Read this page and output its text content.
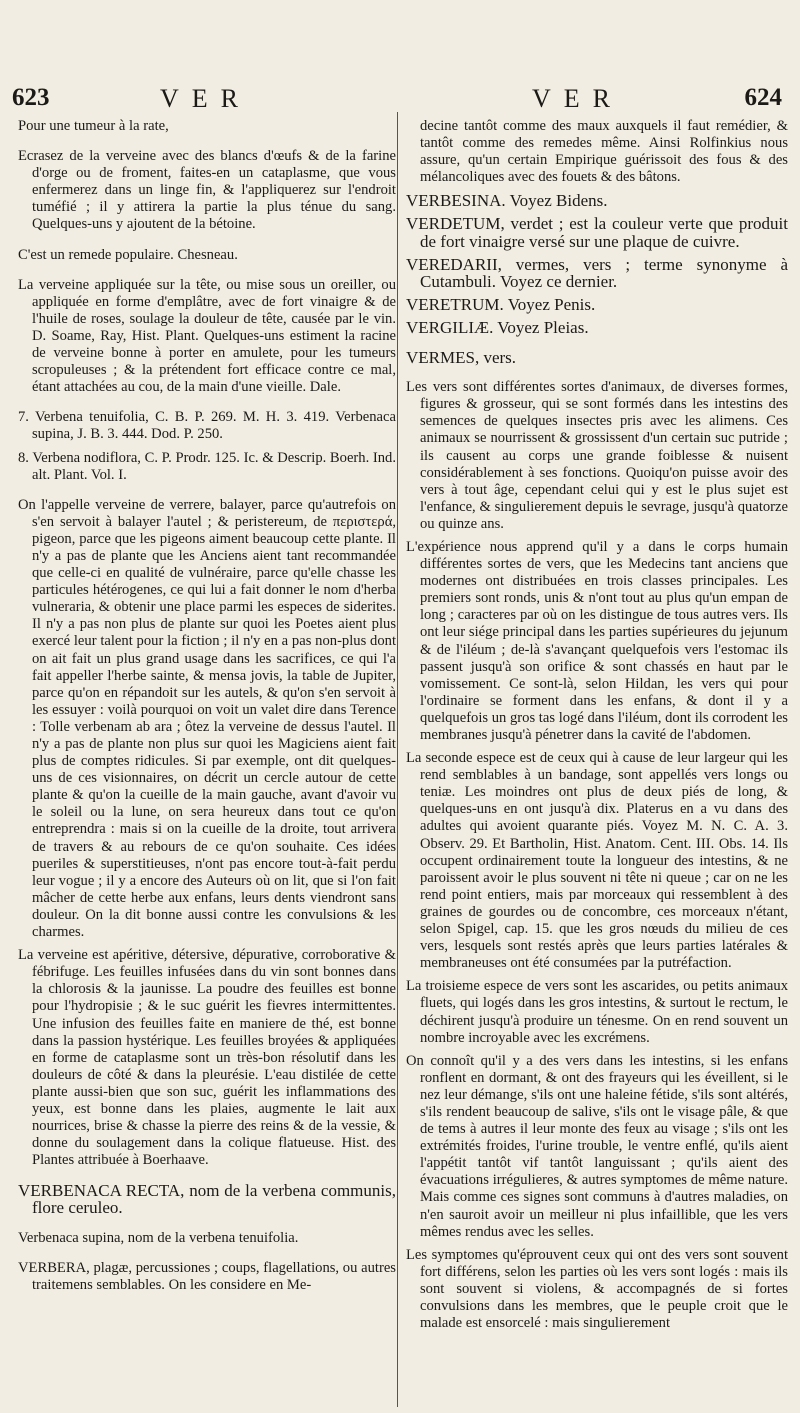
623	VER	VER	624

Pour une tumeur à la rate,

Ecrasez de la verveine avec des blancs d'œufs & de la farine d'orge ou de froment, faites-en un cataplasme, que vous enfermerez dans un linge fin, & l'appliquerez sur l'endroit tuméfié ; il y attirera la partie la plus ténue du sang. Quelques-uns y ajoutent de la bétoine.

C'est un remede populaire. Chesneau.

La verveine appliquée sur la tête, ou mise sous un oreiller, ou appliquée en forme d'emplâtre, avec de fort vinaigre & de l'huile de roses, soulage la douleur de tête, causée par le vin. D. Soame, Ray, Hist. Plant. Quelques-uns estiment la racine de verveine bonne à porter en amulete, pour les tumeurs scropuleuses ; & la prétendent fort efficace contre ce mal, étant attachées au cou, de la main d'une vieille. Dale.

7. Verbena tenuifolia, C. B. P. 269. M. H. 3. 419. Verbenaca supina, J. B. 3. 444. Dod. P. 250.

8. Verbena nodiflora, C. P. Prodr. 125. Ic. & Descrip. Boerh. Ind. alt. Plant. Vol. I.

On l'appelle verveine de verrere, balayer, parce qu'autrefois on s'en servoit à balayer l'autel ; & peristereum, de περιστερά, pigeon, parce que les pigeons aiment beaucoup cette plante. Il n'y a pas de plante que les Anciens aient tant recommandée que celle-ci en qualité de vulnéraire, parce qu'elle chasse les particules hétérogenes, ce qui lui a fait donner le nom d'herba vulneraria, & obtenir une place parmi les especes de siderites. Il n'y a pas non plus de plante sur quoi les Poetes aient plus exercé leur talent pour la fiction ; il n'y en a pas non-plus dont on ait fait un plus grand usage dans les sacrifices, ce qui l'a fait appeller l'herbe sainte, & mensa jovis, la table de Jupiter, parce qu'on en répandoit sur les autels, & qu'on s'en servoit à les essuyer : voilà pourquoi on voit un valet dire dans Terence : Tolle verbenam ab ara ; ôtez la verveine de dessus l'autel. Il n'y a pas de plante non plus sur quoi les Magiciens aient fait plus de comptes ridicules. Si par exemple, ont dit quelques-uns de ces visionnaires, on décrit un cercle autour de cette plante & qu'on la cueille de la main gauche, avant d'avoir vu le soleil ou la lune, on sera heureux dans tout ce qu'on entreprendra : mais si on la cueille de la droite, tout arrivera de travers & au rebours de ce qu'on souhaite. Ces idées pueriles & superstitieuses, n'ont pas encore tout-à-fait perdu leur vogue ; il y a encore des Auteurs où on lit, que si l'on fait mâcher de cette herbe aux enfans, leurs dents viendront sans douleur. On la dit bonne aussi contre les convulsions & les charmes.

La verveine est apéritive, détersive, dépurative, corroborative & fébrifuge. Les feuilles infusées dans du vin sont bonnes dans la chlorosis & la jaunisse. La poudre des feuilles est bonne pour l'hydropisie ; & le suc guérit les fievres intermittentes. Une infusion des feuilles faite en maniere de thé, est bonne dans la passion hystérique. Les feuilles broyées & appliquées en forme de cataplasme sont un très-bon résolutif dans les douleurs de côté & dans la pleurésie. L'eau distilée de cette plante aussi-bien que son suc, guérit les inflammations des yeux, est bonne dans les plaies, augmente le lait aux nourrices, brise & chasse la pierre des reins & de la vessie, & donne du soulagement dans la colique flatueuse. Hist. des Plantes attribuée à Boerhaave.

VERBENACA RECTA, nom de la verbena communis, flore ceruleo.

Verbenaca supina, nom de la verbena tenuifolia.

VERBERA, plagæ, percussiones ; coups, flagellations, ou autres traitemens semblables. On les considere en Me-

decine tantôt comme des maux auxquels il faut remédier, & tantôt comme des remedes même. Ainsi Rolfinkius nous assure, qu'un certain Empirique guérissoit des fous & des mélancoliques avec des fouets & des bâtons.

VERBESINA. Voyez Bidens.

VERDETUM, verdet ; est la couleur verte que produit de fort vinaigre versé sur une plaque de cuivre.

VEREDARII, vermes, vers ; terme synonyme à Cutambuli. Voyez ce dernier.

VERETRUM. Voyez Penis.

VERGILIÆ. Voyez Pleias.

VERMES, vers.

Les vers sont différentes sortes d'animaux, de diverses formes, figures & grosseur, qui se sont formés dans les intestins des semences de quelques insectes pris avec les alimens. Ces animaux se nourrissent & grossissent d'un certain suc putride ; ils causent au corps une grande foiblesse & nuisent considérablement à ses fonctions. Quoiqu'on puisse avoir des vers à tout âge, cependant celui qui y est le plus sujet est l'enfance, & singulierement depuis le sevrage, jusqu'à quatorze ou quinze ans.

L'expérience nous apprend qu'il y a dans le corps humain différentes sortes de vers, que les Medecins tant anciens que modernes ont distribuées en trois classes principales. Les premiers sont ronds, unis & n'ont tout au plus qu'un empan de long ; caracteres par où on les distingue de tous autres vers. Ils ont leur siége principal dans les parties supérieures du jejunum & de l'iléum ; de-là s'avançant quelquefois vers l'estomac ils passent jusqu'à son orifice & sont chassés en haut par le vomissement. Ce sont-là, selon Hildan, les vers qui pour l'ordinaire se forment dans les enfans, & dont il y a quelquefois un gros tas logé dans l'iléum, dont ils corrodent les membranes jusqu'à pénetrer dans la cavité de l'abdomen.

La seconde espece est de ceux qui à cause de leur largeur qui les rend semblables à un bandage, sont appellés vers longs ou teniæ. Les moindres ont plus de deux piés de long, & quelques-uns en ont jusqu'à dix. Platerus en a vu dans des adultes qui avoient quarante piés. Voyez M. N. C. A. 3. Observ. 29. Et Bartholin, Hist. Anatom. Cent. III. Obs. 14. Ils occupent ordinairement toute la longueur des intestins, & ne paroissent avoir le plus souvent ni tête ni queue ; car on ne les rend point entiers, mais par morceaux qui ressemblent à des graines de gourdes ou de concombre, ces morceaux n'étant, selon Spigel, cap. 15. que les gros nœuds du milieu de ces vers, lesquels sont restés après que leurs parties latérales & membraneuses ont été consumées par la putréfaction.

La troisieme espece de vers sont les ascarides, ou petits animaux fluets, qui logés dans les gros intestins, & surtout le rectum, le déchirent jusqu'à produire un ténesme. On en rend souvent un nombre incroyable avec les excrémens.

On connoît qu'il y a des vers dans les intestins, si les enfans ronflent en dormant, & ont des frayeurs qui les éveillent, si le nez leur démange, s'ils ont une haleine fétide, s'ils sont altérés, s'ils rendent beaucoup de salive, s'ils ont le visage pâle, & que de tems à autres il leur monte des feux au visage ; s'ils ont les extrémités froides, l'urine trouble, le ventre enflé, qu'ils aient l'appétit tantôt vif tantôt languissant ; qu'ils aient des évacuations irrégulieres, & autres symptomes de même nature. Mais comme ces signes sont communs à d'autres maladies, on n'en sauroit avoir un meilleur ni plus infaillible, que les vers mêmes rendus avec les selles.

Les symptomes qu'éprouvent ceux qui ont des vers sont souvent fort différens, selon les parties où les vers sont logés : mais ils sont souvent si violens, & accompagnés de si fortes convulsions dans les membres, que le peuple croit que le malade est ensorcelé : mais singulierement
